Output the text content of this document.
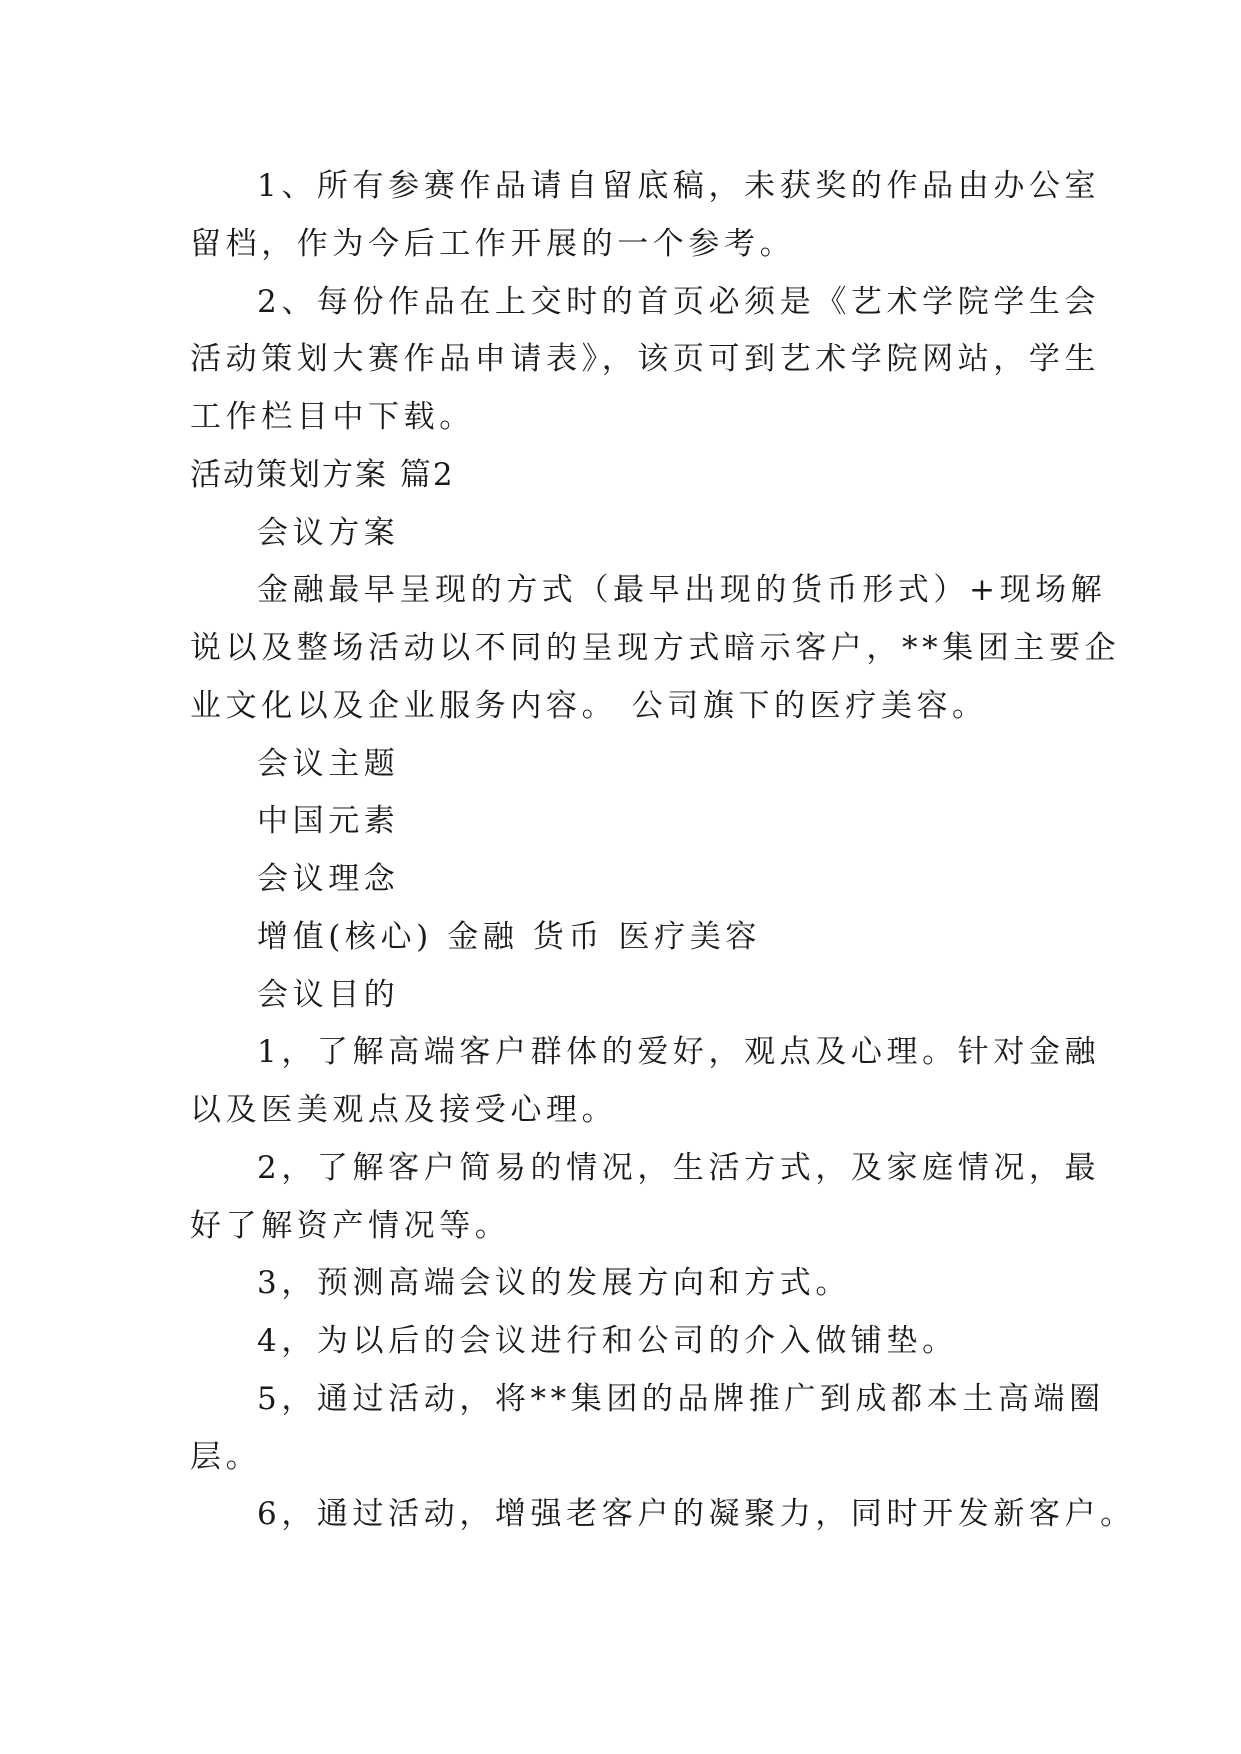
1、所有参赛作品请自留底稿，未获奖的作品由办公室
留档，作为今后工作开展的一个参考。
2、每份作品在上交时的首页必须是《艺术学院学生会
活动策划大赛作品申请表》，该页可到艺术学院网站，学生
工作栏目中下载。
活动策划方案 篇2
会议方案
金融最早呈现的方式（最早出现的货币形式）+现场解
说以及整场活动以不同的呈现方式暗示客户，**集团主要企
业文化以及企业服务内容。 公司旗下的医疗美容。
会议主题
中国元素
会议理念
增值(核心) 金融 货币 医疗美容
会议目的
1，了解高端客户群体的爱好，观点及心理。针对金融
以及医美观点及接受心理。
2，了解客户简易的情况，生活方式，及家庭情况，最
好了解资产情况等。
3，预测高端会议的发展方向和方式。
4，为以后的会议进行和公司的介入做铺垫。
5，通过活动，将**集团的品牌推广到成都本土高端圈
层。
6，通过活动，增强老客户的凝聚力，同时开发新客户。
